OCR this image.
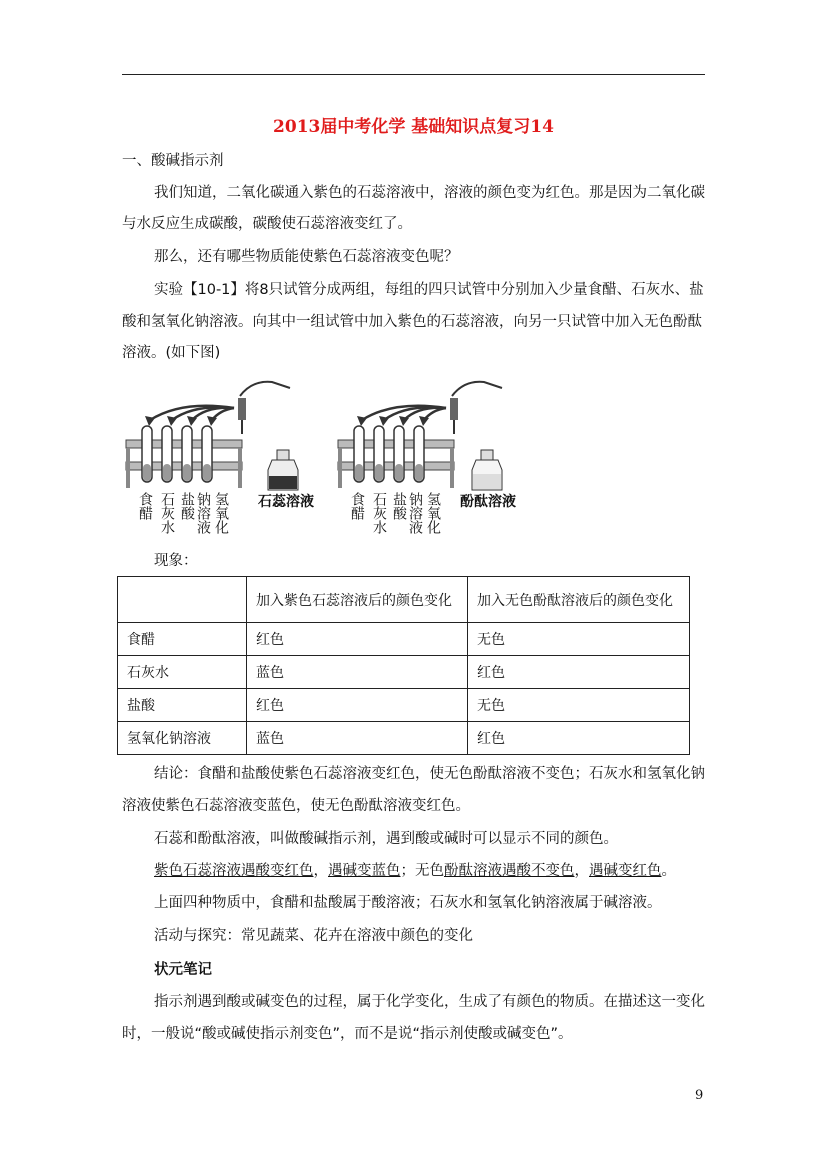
2013届中考化学 基础知识点复习14
一、酸碱指示剂
我们知道，二氧化碳通入紫色的石蕊溶液中，溶液的颜色变为红色。那是因为二氧化碳
与水反应生成碳酸，碳酸使石蕊溶液变红了。
那么，还有哪些物质能使紫色石蕊溶液变色呢？
实验【10-1】将8只试管分成两组，每组的四只试管中分别加入少量食醋、石灰水、盐
酸和氢氧化钠溶液。向其中一组试管中加入紫色的石蕊溶液，向另一只试管中加入无色酚酞
溶液。(如下图)
食醋 石灰水 盐酸	氢氧化钠溶液	石蕊溶液	食醋 石灰水 盐酸	氢氧化钠溶液	酚酞溶液
现象：
	加入紫色石蕊溶液后的颜色变化	加入无色酚酞溶液后的颜色变化
食醋	红色	无色
石灰水	蓝色	红色
盐酸	红色	无色
氢氧化钠溶液	蓝色	红色
结论：食醋和盐酸使紫色石蕊溶液变红色，使无色酚酞溶液不变色；石灰水和氢氧化钠
溶液使紫色石蕊溶液变蓝色，使无色酚酞溶液变红色。
石蕊和酚酞溶液，叫做酸碱指示剂，遇到酸或碱时可以显示不同的颜色。
紫色石蕊溶液遇酸变红色，遇碱变蓝色；无色酚酞溶液遇酸不变色，遇碱变红色。
上面四种物质中，食醋和盐酸属于酸溶液；石灰水和氢氧化钠溶液属于碱溶液。
活动与探究：常见蔬菜、花卉在溶液中颜色的变化
状元笔记
指示剂遇到酸或碱变色的过程，属于化学变化，生成了有颜色的物质。在描述这一变化
时，一般说“酸或碱使指示剂变色”，而不是说“指示剂使酸或碱变色”。
9
